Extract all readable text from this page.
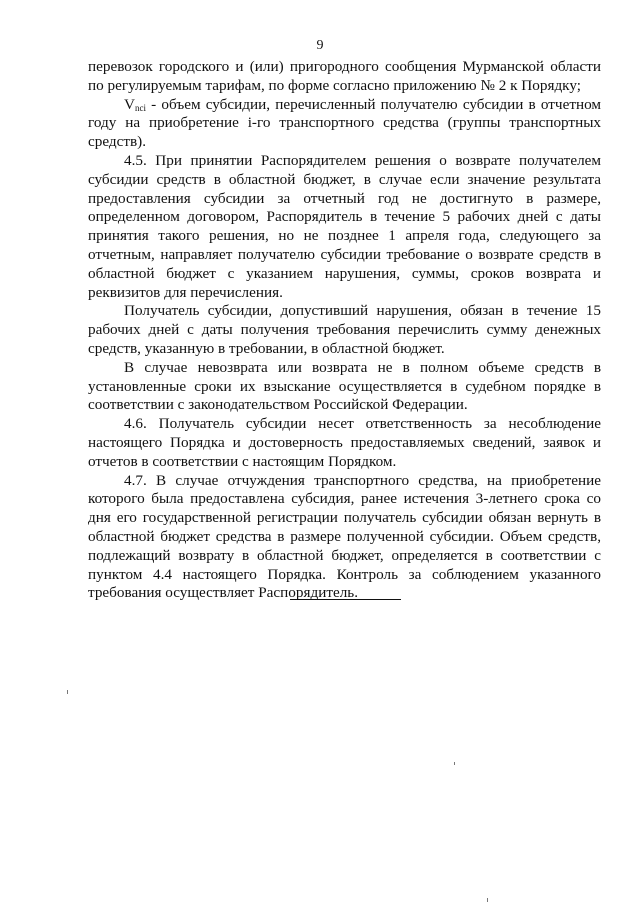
9

перевозок городского и (или) пригородного сообщения Мурманской области по регулируемым тарифам, по форме согласно приложению № 2 к Порядку;

$V_{nci}$ - объем субсидии, перечисленный получателю субсидии в отчетном году на приобретение i-го транспортного средства (группы транспортных средств).

4.5. При принятии Распорядителем решения о возврате получателем субсидии средств в областной бюджет, в случае если значение результата предоставления субсидии за отчетный год не достигнуто в размере, определенном договором, Распорядитель в течение 5 рабочих дней с даты принятия такого решения, но не позднее 1 апреля года, следующего за отчетным, направляет получателю субсидии требование о возврате средств в областной бюджет с указанием нарушения, суммы, сроков возврата и реквизитов для перечисления.

Получатель субсидии, допустивший нарушения, обязан в течение 15 рабочих дней с даты получения требования перечислить сумму денежных средств, указанную в требовании, в областной бюджет.

В случае невозврата или возврата не в полном объеме средств в установленные сроки их взыскание осуществляется в судебном порядке в соответствии с законодательством Российской Федерации.

4.6. Получатель субсидии несет ответственность за несоблюдение настоящего Порядка и достоверность предоставляемых сведений, заявок и отчетов в соответствии с настоящим Порядком.

4.7. В случае отчуждения транспортного средства, на приобретение которого была предоставлена субсидия, ранее истечения 3-летнего срока со дня его государственной регистрации получатель субсидии обязан вернуть в областной бюджет средства в размере полученной субсидии. Объем средств, подлежащий возврату в областной бюджет, определяется в соответствии с пунктом 4.4 настоящего Порядка. Контроль за соблюдением указанного требования осуществляет Распорядитель.
